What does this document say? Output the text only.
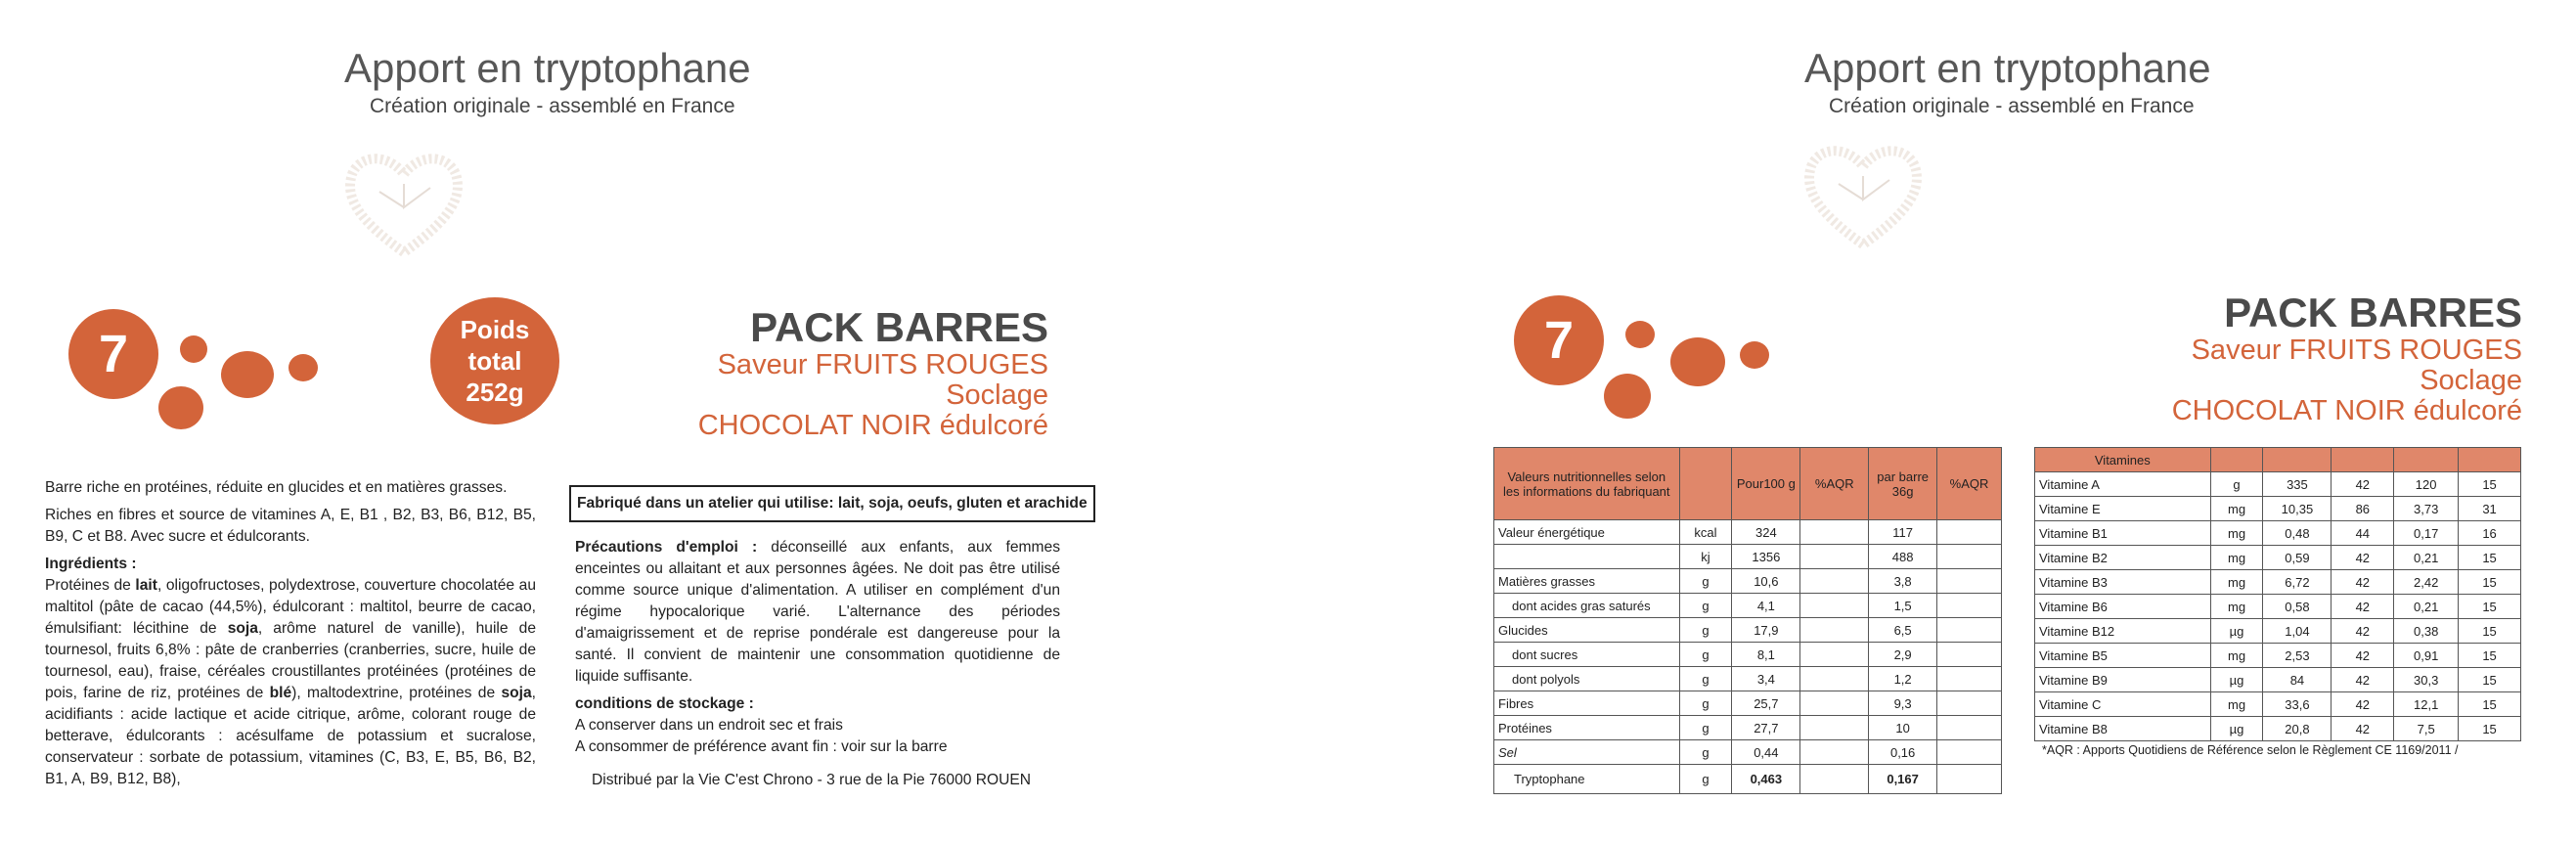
Apport en tryptophane
Création originale - assemblé en France
7	Poids
total
252g
PACK BARRES
Saveur FRUITS ROUGES
Soclage
CHOCOLAT NOIR édulcoré

Barre riche en protéines, réduite en glucides et en matières grasses.

Riches en fibres et source de vitamines A, E, B1 , B2, B3, B6, B12, B5, B9, C et B8. Avec sucre et édulcorants.

Ingrédients :

Protéines de lait, oligofructoses, polydextrose, couverture chocolatée au maltitol (pâte de cacao (44,5%), édulcorant : maltitol, beurre de cacao, émulsifiant: lécithine de soja, arôme naturel de vanille), huile de tournesol, fruits 6,8% : pâte de cranberries (cranberries, sucre, huile de tournesol, eau), fraise, céréales croustillantes protéinées (protéines de pois, farine de riz, protéines de blé), maltodextrine, protéines de soja, acidifiants : acide lactique et acide citrique, arôme, colorant rouge de betterave, édulcorants : acésulfame de potassium et sucralose, conservateur : sorbate de potassium, vitamines (C, B3, E, B5, B6, B2, B1, A, B9, B12, B8),

Fabriqué dans un atelier qui utilise: lait, soja, oeufs, gluten et arachide

Précautions d'emploi : déconseillé aux enfants, aux femmes enceintes ou allaitant et aux personnes âgées. Ne doit pas être utilisé comme source unique d'alimentation. A utiliser en complément d'un régime hypocalorique varié. L'alternance des périodes d'amaigrissement et de reprise pondérale est dangereuse pour la santé. Il convient de maintenir une consommation quotidienne de liquide suffisante.

conditions de stockage :
A conserver dans un endroit sec et frais
A consommer de préférence avant fin : voir sur la barre
Distribué par la Vie C'est Chrono - 3 rue de la Pie 76000 ROUEN
Apport en tryptophane
Création originale - assemblé en France
7	PACK BARRES
Saveur FRUITS ROUGES
Soclage
CHOCOLAT NOIR édulcoré
Valeurs nutritionnelles selon les informations du fabriquant		Pour100 g	%AQR	par barre 36g	%AQR
Valeur énergétique	kcal	324		117	
	kj	1356		488	
Matières grasses	g	10,6		3,8	
dont acides gras saturés	g	4,1		1,5	
Glucides	g	17,9		6,5	
dont sucres	g	8,1		2,9	
dont polyols	g	3,4		1,2	
Fibres	g	25,7		9,3	
Protéines	g	27,7		10	
Sel	g	0,44		0,16	
Tryptophane	g	0,463		0,167	
Vitamines					
Vitamine A	g	335	42	120	15
Vitamine E	mg	10,35	86	3,73	31
Vitamine B1	mg	0,48	44	0,17	16
Vitamine B2	mg	0,59	42	0,21	15
Vitamine B3	mg	6,72	42	2,42	15
Vitamine B6	mg	0,58	42	0,21	15
Vitamine B12	µg	1,04	42	0,38	15
Vitamine B5	mg	2,53	42	0,91	15
Vitamine B9	µg	84	42	30,3	15
Vitamine C	mg	33,6	42	12,1	15
Vitamine B8	µg	20,8	42	7,5	15
*AQR : Apports Quotidiens de Référence selon le Règlement CE 1169/2011 /
